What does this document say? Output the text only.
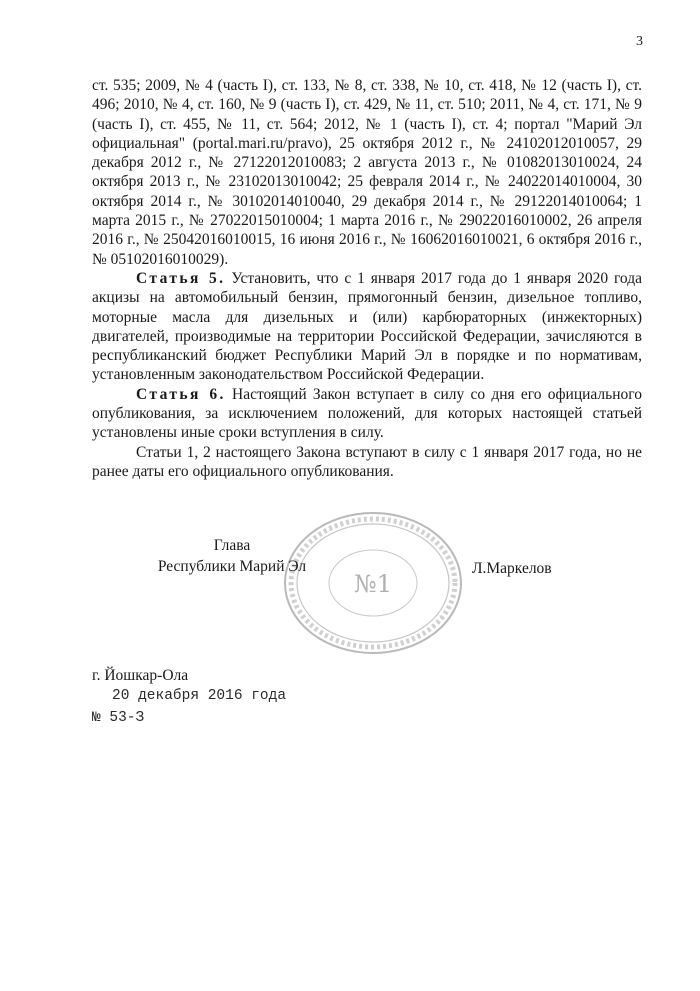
3

ст. 535; 2009, № 4 (часть I), ст. 133, № 8, ст. 338, № 10, ст. 418, № 12 (часть I), ст. 496; 2010, № 4, ст. 160, № 9 (часть I), ст. 429, № 11, ст. 510; 2011, № 4, ст. 171, № 9 (часть I), ст. 455, № 11, ст. 564; 2012, № 1 (часть I), ст. 4; портал "Марий Эл официальная" (portal.mari.ru/pravo), 25 октября 2012 г., № 24102012010057, 29 декабря 2012 г., № 27122012010083; 2 августа 2013 г., № 01082013010024, 24 октября 2013 г., № 23102013010042; 25 февраля 2014 г., № 24022014010004, 30 октября 2014 г., № 30102014010040, 29 декабря 2014 г., № 29122014010064; 1 марта 2015 г., № 27022015010004; 1 марта 2016 г., № 29022016010002, 26 апреля 2016 г., № 25042016010015, 16 июня 2016 г., № 16062016010021, 6 октября 2016 г., № 05102016010029).

Статья 5. Установить, что с 1 января 2017 года до 1 января 2020 года акцизы на автомобильный бензин, прямогонный бензин, дизельное топливо, моторные масла для дизельных и (или) карбюраторных (инжекторных) двигателей, производимые на территории Российской Федерации, зачисляются в республиканский бюджет Республики Марий Эл в порядке и по нормативам, установленным законодательством Российской Федерации.

Статья 6. Настоящий Закон вступает в силу со дня его официального опубликования, за исключением положений, для которых настоящей статьей установлены иные сроки вступления в силу.

Статьи 1, 2 настоящего Закона вступают в силу с 1 января 2017 года, но не ранее даты его официального опубликования.

№1
Глава
Республики Марий Эл	Л.Маркелов
г. Йошкар-Ола
20 декабря 2016 года
№ 53-З
